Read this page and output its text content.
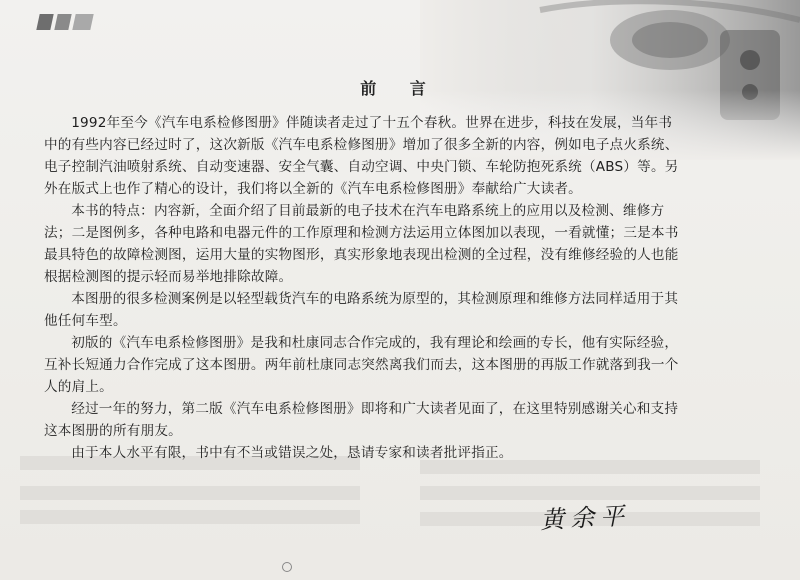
前 言

1992年至今《汽车电系检修图册》伴随读者走过了十五个春秋。世界在进步，科技在发展，当年书中的有些内容已经过时了，这次新版《汽车电系检修图册》增加了很多全新的内容，例如电子点火系统、电子控制汽油喷射系统、自动变速器、安全气囊、自动空调、中央门锁、车轮防抱死系统（ABS）等。另外在版式上也作了精心的设计，我们将以全新的《汽车电系检修图册》奉献给广大读者。

本书的特点：内容新，全面介绍了目前最新的电子技术在汽车电路系统上的应用以及检测、维修方法；二是图例多，各种电路和电器元件的工作原理和检测方法运用立体图加以表现，一看就懂；三是本书最具特色的故障检测图，运用大量的实物图形，真实形象地表现出检测的全过程，没有维修经验的人也能根据检测图的提示轻而易举地排除故障。

本图册的很多检测案例是以轻型载货汽车的电路系统为原型的，其检测原理和维修方法同样适用于其他任何车型。

初版的《汽车电系检修图册》是我和杜康同志合作完成的，我有理论和绘画的专长，他有实际经验，互补长短通力合作完成了这本图册。两年前杜康同志突然离我们而去，这本图册的再版工作就落到我一个人的肩上。

经过一年的努力，第二版《汽车电系检修图册》即将和广大读者见面了，在这里特别感谢关心和支持这本图册的所有朋友。

由于本人水平有限，书中有不当或错误之处，恳请专家和读者批评指正。

黄余平
